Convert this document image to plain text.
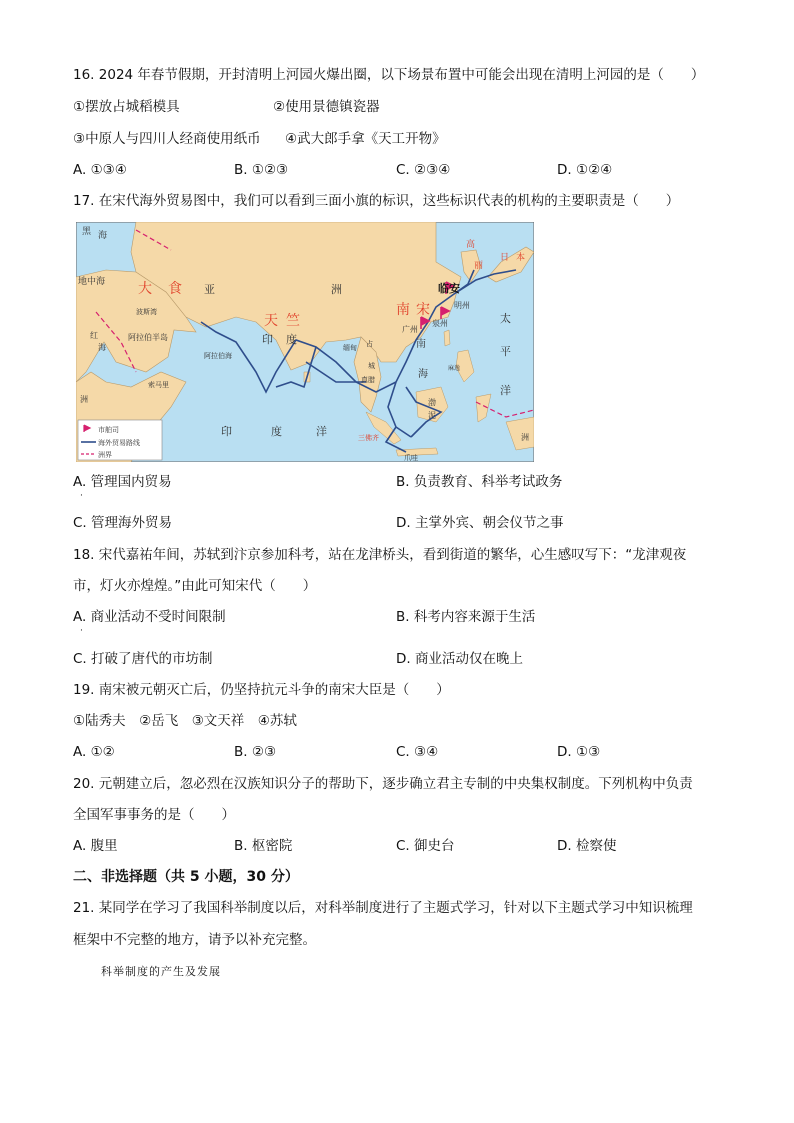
16. 2024 年春节假期，开封清明上河园火爆出圈，以下场景布置中可能会出现在清明上河园的是（　　）
①摆放占城稻模具	②使用景德镇瓷器
③中原人与四川人经商使用纸币 ④武大郎手拿《天工开物》
A. ①③④	B. ①②③	C. ②③④	D. ①②④
17. 在宋代海外贸易图中，我们可以看到三面小旗的标识，这些标识代表的机构的主要职责是（　　）
黑 海
地中海 大 食 亚	洲
天 竺
印 度
南 宋
临安
明州
广州
泉州
高
丽
日 本
太
平
洋
印	度	洋
波斯湾
阿拉伯半岛
阿拉伯海
红
海	缅甸 占
城
真腊
南
海
麻逸
渤
泥
三佛齐
爪哇
洲
索马里
洲
市舶司
海外贸易路线
洲界
A. 管理国内贸易
·
B. 负责教育、科举考试政务
C. 管理海外贸易	D. 主掌外宾、朝会仪节之事
18. 宋代嘉祐年间，苏轼到汴京参加科考，站在龙津桥头，看到街道的繁华，心生感叹写下：“龙津观夜
市，灯火亦煌煌。”由此可知宋代（　　）
A. 商业活动不受时间限制
·
B. 科考内容来源于生活
C. 打破了唐代的市坊制	D. 商业活动仅在晚上
19. 南宋被元朝灭亡后，仍坚持抗元斗争的南宋大臣是（　　）
①陆秀夫　②岳飞　③文天祥　④苏轼
A. ①②	B. ②③	C. ③④	D. ①③
20. 元朝建立后，忽必烈在汉族知识分子的帮助下，逐步确立君主专制的中央集权制度。下列机构中负责
全国军事事务的是（　　）
A. 腹里	B. 枢密院	C. 御史台	D. 检察使
二、非选择题（共 5 小题，30 分）
21. 某同学在学习了我国科举制度以后，对科举制度进行了主题式学习，针对以下主题式学习中知识梳理
框架中不完整的地方，请予以补充完整。
科举制度的产生及发展
